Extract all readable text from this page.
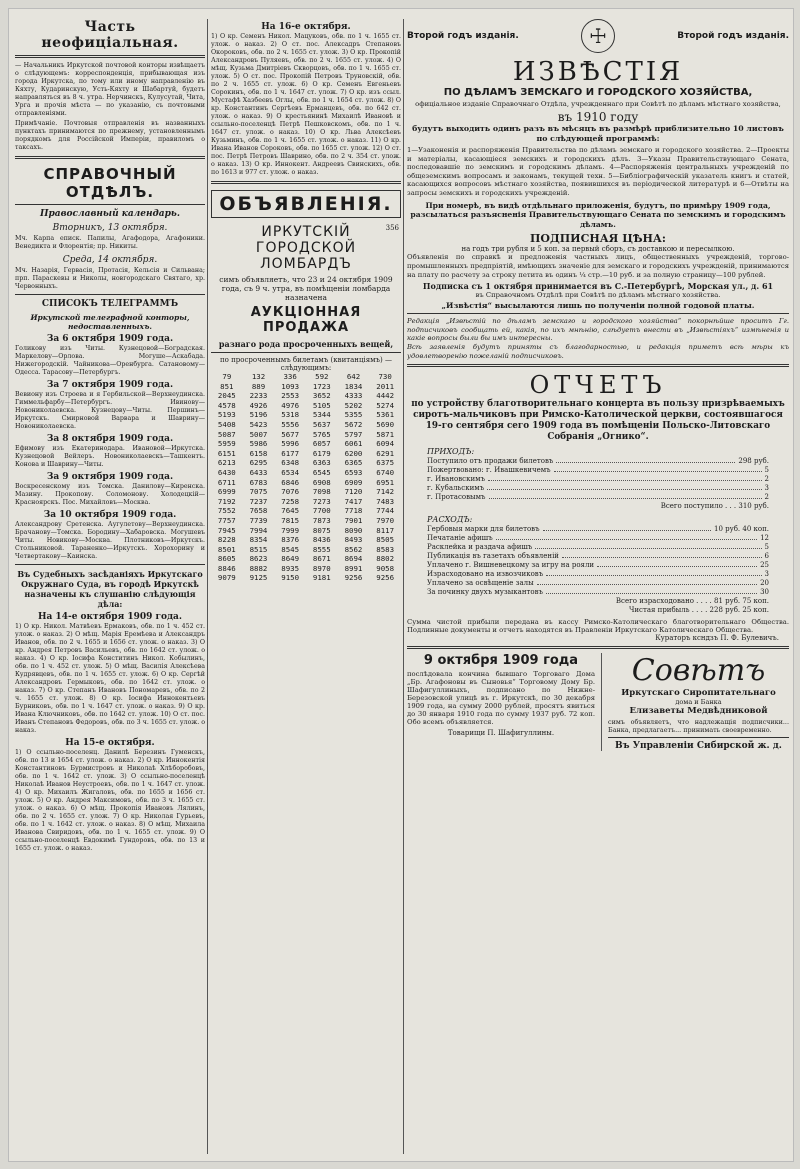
Часть неофиціальная.
— Начальникъ Иркутской почтовой конторы извѣщаетъ о слѣдующемъ: корреспонденція, прибывающая изъ города Иркутска, по тому или иному направленію въ Кяхту, Кударинскую, Усть-Кяхту и Шабартуй, будетъ направляться въ 8 ч. утра. Нерчинскъ, Кулусутай, Чита, Урга и прочія мѣста — по указанію, съ почтовыми отправленіями.
Примѣчаніе. Почтовыя отправленія въ названныхъ пунктахъ принимаются по прежнему, установленнымъ порядкомъ для Россійской Имперіи, правиломъ о таксахъ.
СПРАВОЧНЫЙ ОТДѢЛЪ.
Православный календарь.
Вторникъ, 13 октября.
Мч. Карпа еписк. Папилы, Агафодора, Агафоники. Венедикта и Флорентія; пр. Никиты.
Среда, 14 октября.
Мч. Назарія, Гервасія, Протасія, Кельсія и Сильвана; прп. Параскевы и Николы, новгородскаго Святаго, хр. Червонныхъ.
СПИСОКЪ ТЕЛЕГРАММЪ
Иркутской телеграфной конторы, недоставленныхъ.
За 6 октября 1909 года.
Голикову изъ Читы. Кузнецовой—Боградская. Маркелову—Орлова. Могуше—Аскабада. Нижегородскій. Чайникова—Оренбурга. Сатановому—Одесса. Тарасову—Петербургъ.
За 7 октября 1909 года.
Вевиону изъ Строева и я Гербильской—Верхнеудинска. Гиммельфарбу—Петербургъ. Ивинову—Новониколаевска. Кузнецову—Читы. Першинъ—Иркутскъ. Смирновой Варвара и Шаврину—Новониколаевска.
За 8 октября 1909 года.
Ефимову изъ Екатеринодара. Ивановой—Иркутска. Кузнецовой Вейлеръ. Новониколаевскъ—Ташкентъ. Конова и Шаврину—Читы.
За 9 октября 1909 года.
Воскресенскому изъ Томска. Данилову—Киренска. Мазину. Прокопову. Соломонову. Холодецкій—Красноярскъ. Пос. Михайловъ—Москва.
За 10 октября 1909 года.
Александрову Сретенска. Аугулетову—Верхнеудинска. Брачанову—Томска. Бородину—Хабаровска. Могушевъ Читы. Новикову—Москва. Плотниковъ—Иркутскъ. Стольниковой. Тараненко—Иркутскъ. Хорохорину и Четвертакову—Каинска.
Въ Судебныхъ засѣданіяхъ Иркутскаго Окружнаго Суда, въ городѣ Иркутскѣ назначены къ слушанію слѣдующія дѣла:
На 14-е октября 1909 года.
1) О кр. Никол. Матвѣевъ Ермаковъ, обв. по 1 ч. 452 ст. улож. о наказ. 2) О мѣщ. Марія Еремѣева и Александръ Иванов, обв. по 2 ч. 1655 и 1656 ст. улож. о наказ. 3) О кр. Андрея Петровъ Васильевъ, обв. по 1642 ст. улож. о наказ. 4) О кр. Іосифа Конститинъ Никол. Кобылинъ, обв. по 1 ч. 452 ст. улож. 5) О мѣщ. Василія Алексѣева Кудрявцевъ, обв. по 1 ч. 1655 ст. улож. 6) О кр. Сергѣй Александровъ Гермыковъ, обв. по 1642 ст. улож. о наказ. 7) О кр. Степанъ Ивановъ Пономаревъ, обв. по 2 ч. 1655 ст. улож. 8) О кр. Іосифа Иннокентьевъ Бурниковъ, обв. по 1 ч. 1647 ст. улож. о наказ. 9) О кр. Ивана Ключниковъ, обв. по 1642 ст. улож. 10) О ст. пос. Иванъ Степановъ Федоровъ, обв. по 3 ч. 1655 ст. улож. о наказ.
На 15-е октября.
1) О ссыльно-поселенц. Данилѣ Березинъ Гуменскъ, обв. по 13 и 1654 ст. улож. о наказ. 2) О кр. Иннокентія Константиновъ Бурмистровъ и Николаѣ Хлѣборобовъ, обв. по 1 ч. 1642 ст. улож. 3) О ссыльно-поселенцѣ Николаѣ Иванов Неустроевъ, обв. по 1 ч. 1647 ст. улож. 4) О кр. Михаилъ Жигаловъ, обв. по 1655 и 1656 ст. улож. 5) О кр. Андрея Максимовъ, обв. по 3 ч. 1655 ст. улож. о наказ. 6) О мѣщ. Прокопія Ивановъ Лялинъ, обв. по 2 ч. 1655 ст. улож. 7) О кр. Николая Гурьевъ, обв. по 1 ч. 1642 ст. улож. о наказ. 8) О мѣщ. Михаила Иванова Свиридовъ, обв. по 1 ч. 1655 ст. улож. 9) О ссыльно-поселенцѣ Евдокимѣ Гундоровъ, обв. по 13 и 1655 ст. улож. о наказ.
На 16-е октября.
1) О кр. Семенъ Никол. Мацуковъ, обв. по 1 ч. 1655 ст. улож. о наказ. 2) О ст. пос. Алексадръ Степановъ Окороковъ, обв. по 2 ч. 1655 ст. улож. 3) О кр. Прокопій Александровъ Пуляевъ, обв. по 2 ч. 1655 ст. улож. 4) О мѣщ. Кузьма Дмитріевъ Скворцовъ, обв. по 1 ч. 1655 ст. улож. 5) О ст. пос. Прокопій Петровъ Труновскій, обв. по 2 ч. 1655 ст. улож. 6) О кр. Семенъ Евгеньевъ Сорокинъ, обв. по 1 ч. 1647 ст. улож. 7) О кр. изъ ссыл. Мустафѣ Хазбеевъ Оглы, обв. по 1 ч. 1654 ст. улож. 8) О кр. Константинъ Сергѣевъ Ерманцевъ, обв. по 642 ст. улож. о наказ. 9) О крестьянинѣ Михаилѣ Ивановѣ и ссыльно-поселенцѣ Петрѣ Пешковскомъ, обв. по 1 ч. 1647 ст. улож. о наказ. 10) О кр. Льва Алексѣевъ Кузьминъ, обв. по 1 ч. 1655 ст. улож. о наказ. 11) О кр. Ивана Иванов Сороковъ, обв. по 1655 ст. улож. 12) О ст. пос. Петрѣ Петровъ Шаврино, обв. по 2 ч. 354 ст. улож. о наказ. 13) О кр. Иннокент. Андреевъ Свинскихъ, обв. по 1613 и 977 ст. улож. о наказ.
ОБЪЯВЛЕНІЯ.
ИРКУТСКІЙ ГОРОДСКОЙ ЛОМБАРДЪ
356
симъ объявляетъ, что 23 и 24 октября 1909 года, съ 9 ч. утра, въ помѣщеніи ломбарда назначена
АУКЦІОННАЯ ПРОДАЖА
разнаго рода просроченныхъ вещей,
по просроченнымъ билетамъ (квитанціямъ) — слѣдующимъ:
79	132	336	592	642	730
851	889	1093	1723	1834	2011
2045	2233	2553	3652	4333	4442
4578	4926	4976	5105	5202	5274
5193	5196	5318	5344	5355	5361
5408	5423	5556	5637	5672	5690
5087	5007	5677	5765	5797	5871
5959	5986	5996	6057	6061	6094
6151	6158	6177	6179	6200	6291
6213	6295	6348	6363	6365	6375
6430	6433	6534	6545	6593	6740
6711	6783	6846	6908	6909	6951
6999	7075	7076	7098	7120	7142
7192	7237	7258	7273	7417	7483
7552	7658	7645	7700	7718	7744
7757	7739	7815	7873	7901	7970
7945	7994	7999	8075	8090	8117
8228	8354	8376	8436	8493	8505
8501	8515	8545	8555	8562	8583
8605	8623	8649	8671	8694	8802
8846	8882	8935	8970	8991	9058
9079	9125	9150	9181	9256	9256
Второй годъ изданія.	☩	Второй годъ изданія.
ИЗВѢСТІЯ
ПО ДѢЛАМЪ ЗЕМСКАГО И ГОРОДСКОГО ХОЗЯЙСТВА,
офиціальное изданіе Справочнаго Отдѣла, учрежденнаго при Совѣтѣ по дѣламъ мѣстнаго хозяйства,
въ 1910 году
будутъ выходить одинъ разъ въ мѣсяцъ въ размѣрѣ приблизительно 10 листовъ по слѣдующей программѣ:
1—Узаконенія и распоряженія Правительства по дѣламъ земскаго и городского хозяйства. 2—Проекты и матеріалы, касающіеся земскихъ и городскихъ дѣлъ. 3—Указы Правительствующаго Сената, последовавшіе по земскимъ и городскимъ дѣламъ. 4—Распоряженія центральныхъ учрежденій по общеземскимъ вопросамъ и законамъ, текущей техн. 5—Библіографическій указатель книгъ и статей, касающихся вопросовъ мѣстнаго хозяйства, появившихся въ періодической литературѣ и 6—Отвѣты на запросы земскихъ и городскихъ учрежденій.
При номерѣ, въ видѣ отдѣльнаго приложенія, будутъ, по примѣру 1909 года, разсылаться разъясненія Правительствующаго Сената по земскимъ и городскимъ дѣламъ.
ПОДПИСНАЯ ЦѢНА:
на годъ три рубля и 5 коп. за первый сборъ, съ доставкою и пересылкою.
Объявленія по справкѣ и предложенія частныхъ лицъ, общественныхъ учрежденій, торгово-промышленныхъ предпріятій, имѣющихъ значеніе для земскаго и городскихъ учрежденій, принимаются на плату по расчету за строку петита въ одинъ ¼ стр.—10 руб. и за полную страницу—100 рублей.
Подписка съ 1 октября принимается въ С.-Петербургѣ, Морская ул., д. 61
въ Справочномъ Отдѣлѣ при Совѣтѣ по дѣламъ мѣстнаго хозяйства.
„Извѣстія“ высылаются лишь по полученіи полной годовой платы.
Редакція „Извѣстій по дѣламъ земскаго и городского хозяйства“ покорнѣйше проситъ Гг. подписчиковъ сообщать ей, какія, по ихъ мнѣнію, слѣдуетъ внести въ „Извѣстіяхъ“ измѣненія и какіе вопросы были бы имъ интересны.
Всѣ заявленія будутъ приняты съ благодарностью, и редакція приметъ всѣ мѣры къ удовлетворенію пожеланій подписчиковъ.
ОТЧЕТЪ
по устройству благотворительнаго концерта въ пользу призрѣваемыхъ сиротъ-мальчиковъ при Римско-Католической церкви, состоявшагося 19-го сентября сего 1909 года въ помѣщеніи Польско-Литовскаго Собранія „Огнико“.
ПРИХОДЪ:
Поступило отъ продажи билетовъ	298 руб.
Пожертвовано: г. Ивашкевичемъ	5
г. Ивановскимъ	2
г. Кубальскимъ	3
г. Протасовымъ	2
Всего поступило . . . 310 руб.
РАСХОДЪ:
Гербовыя марки для билетовъ	10 руб. 40 коп.
Печатаніе афишъ	12
Расклейка и раздача афишъ	5
Публикація въ газетахъ объявленій	6
Уплачено г. Вишневецкому за игру на рояли	25
Израсходовано на извозчиковъ	3
Уплачено за освѣщеніе залы	20
За починку двухъ музыкантовъ	30
Всего израсходовано . . . . 81 руб. 75 коп.
Чистая прибыль . . . . 228 руб. 25 коп.
Сумма чистой прибыли передана въ кассу Римско-Католическаго благотворительнаго Общества. Подлинные документы и отчетъ находятся въ Правленіи Иркутскаго Католическаго Общества.
Кураторъ ксндзъ П. Ф. Булевичъ.
9 октября 1909 года
послѣдовала кончина бывшаго Торговаго Дома „Бр. Агафоновы въ Сыновья“ Торговому Дому Бр. Шафигуллиныхъ, подписано по Нижне-Березовской улицѣ въ г. Иркутскѣ, по 30 декабря 1909 года, на сумму 2000 рублей, просятъ явиться до 30 января 1910 года по сумму 1937 руб. 72 коп. Обо всемъ объявляется.
Товарищи П. Шафигуллины.
Совѣтъ
Иркутскаго Сиропитательнаго
дома и Банка
Елизаветы Медвѣдниковой
симъ объявляетъ, что надлежащія подписчики... Банка, предлагаетъ... принимать своевременно.
Въ Управленіи Сибирской ж. д.
